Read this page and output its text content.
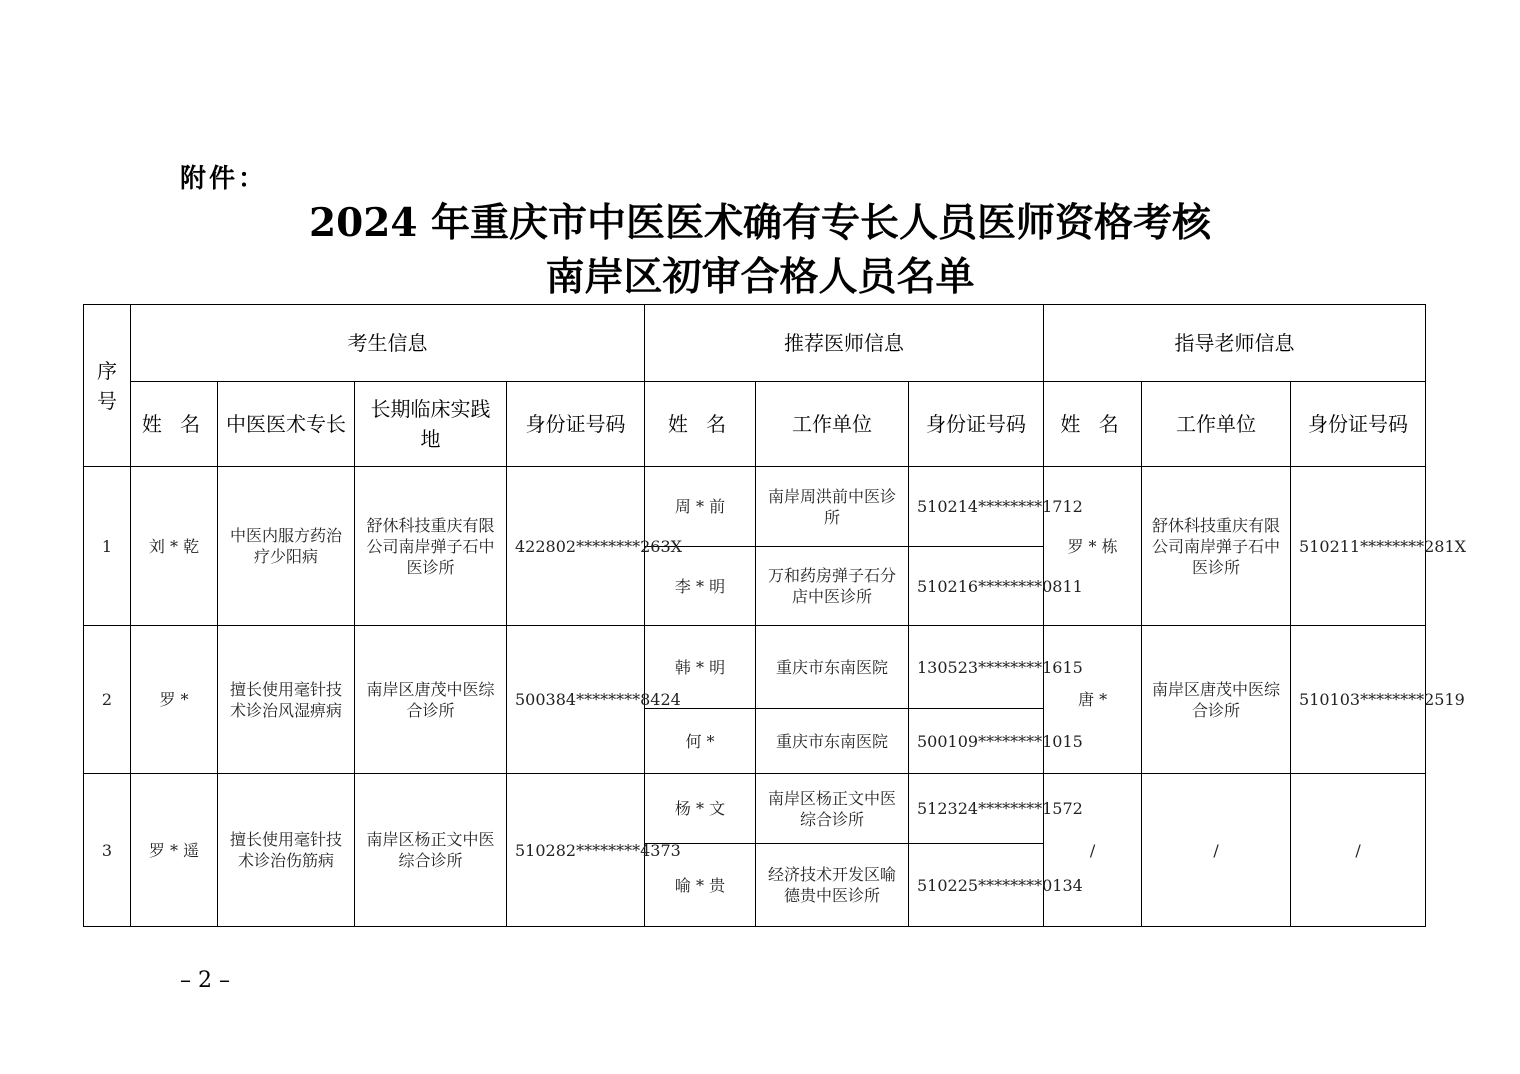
附件：
2024 年重庆市中医医术确有专长人员医师资格考核
南岸区初审合格人员名单
序号	考生信息				推荐医师信息			指导老师信息		
	姓 名	中医医术专长	长期临床实践地	身份证号码	姓 名	工作单位	身份证号码	姓 名	工作单位	身份证号码
1	刘 * 乾	中医内服方药治疗少阳病	舒休科技重庆有限公司南岸弹子石中医诊所	422802********263X	周 * 前	南岸周洪前中医诊所	510214********1712	罗 * 栋	舒休科技重庆有限公司南岸弹子石中医诊所	510211********281X
					李 * 明	万和药房弹子石分店中医诊所	510216********0811			
2	罗 *	擅长使用毫针技术诊治风湿痹病	南岸区唐茂中医综合诊所	500384********8424	韩 * 明	重庆市东南医院	130523********1615	唐 *	南岸区唐茂中医综合诊所	510103********2519
					何 *	重庆市东南医院	500109********1015			
3	罗 * 遥	擅长使用毫针技术诊治伤筋病	南岸区杨正文中医综合诊所	510282********4373	杨 * 文	南岸区杨正文中医综合诊所	512324********1572	/	/	/
					喻 * 贵	经济技术开发区喻德贵中医诊所	510225********0134			
– 2 –
